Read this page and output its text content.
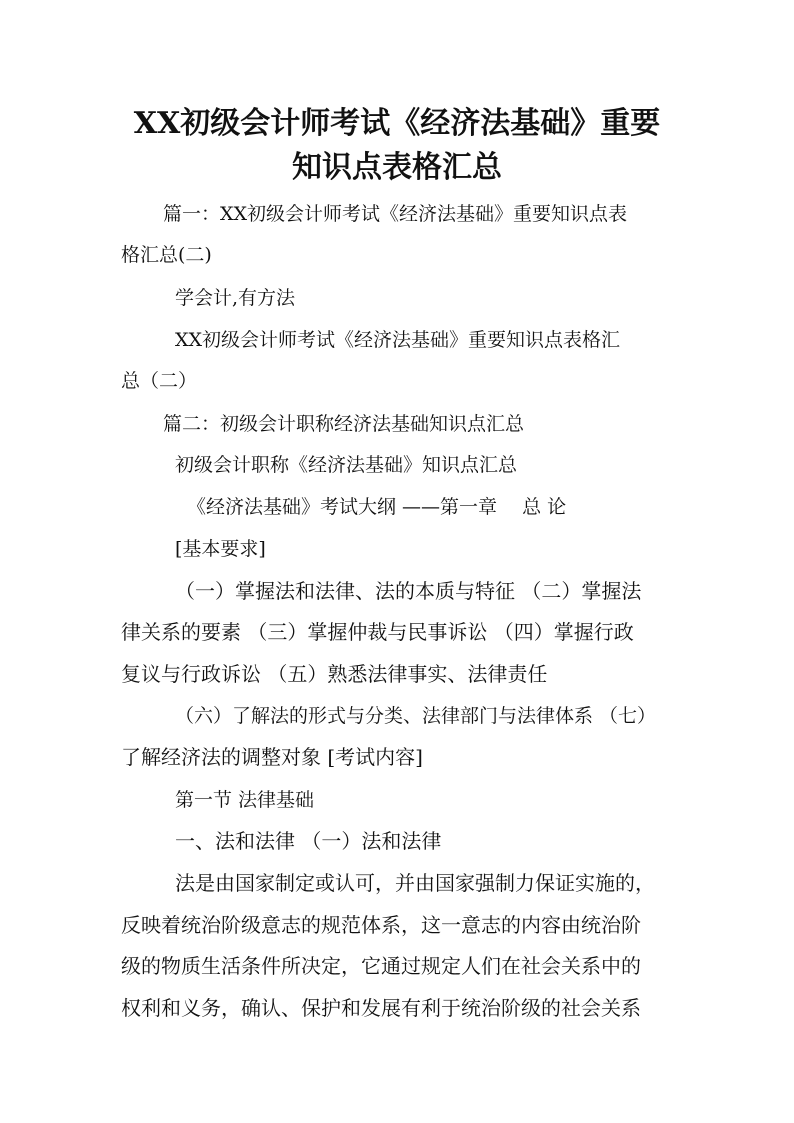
XX初级会计师考试《经济法基础》重要
知识点表格汇总
篇一：XX初级会计师考试《经济法基础》重要知识点表
格汇总(二)
学会计,有方法
XX初级会计师考试《经济法基础》重要知识点表格汇
总（二）
篇二：初级会计职称经济法基础知识点汇总
初级会计职称《经济法基础》知识点汇总
《经济法基础》考试大纲 ——第一章　 总 论
[基本要求]
（一）掌握法和法律、法的本质与特征 （二）掌握法
律关系的要素 （三）掌握仲裁与民事诉讼 （四）掌握行政
复议与行政诉讼 （五）熟悉法律事实、法律责任
（六）了解法的形式与分类、法律部门与法律体系 （七）
了解经济法的调整对象 [考试内容]
第一节 法律基础
一、法和法律 （一）法和法律
法是由国家制定或认可，并由国家强制力保证实施的，
反映着统治阶级意志的规范体系，这一意志的内容由统治阶
级的物质生活条件所决定，它通过规定人们在社会关系中的
权利和义务，确认、保护和发展有利于统治阶级的社会关系
